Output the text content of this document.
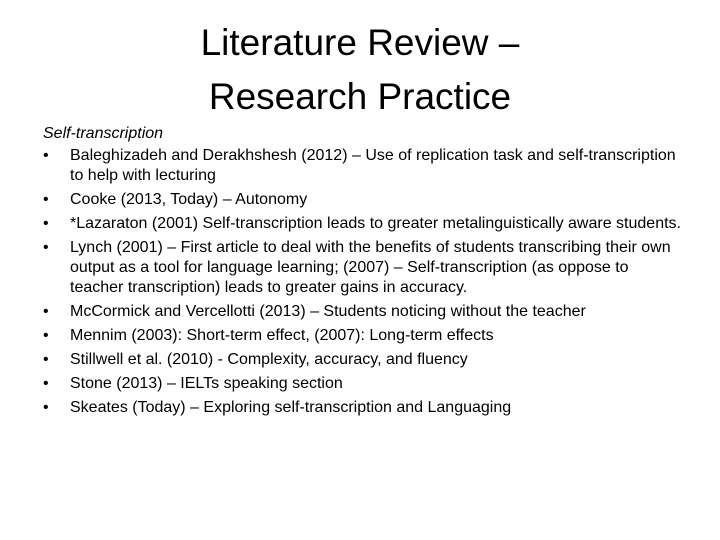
Literature Review –
Research Practice
Self-transcription
•	Baleghizadeh and Derakhshesh (2012) – Use of replication task and self-transcription to help with lecturing
•	Cooke (2013, Today) – Autonomy
•	*Lazaraton (2001) Self-transcription leads to greater metalinguistically aware students.
•	Lynch (2001) – First article to deal with the benefits of students transcribing their own output as a tool for language learning; (2007) – Self-transcription (as oppose to teacher transcription) leads to greater gains in accuracy.
•	McCormick and Vercellotti (2013) – Students noticing without the teacher
•	Mennim (2003): Short-term effect, (2007): Long-term effects
•	Stillwell et al. (2010) - Complexity, accuracy, and fluency
•	Stone (2013) – IELTs speaking section
•	Skeates (Today) – Exploring self-transcription and Languaging
